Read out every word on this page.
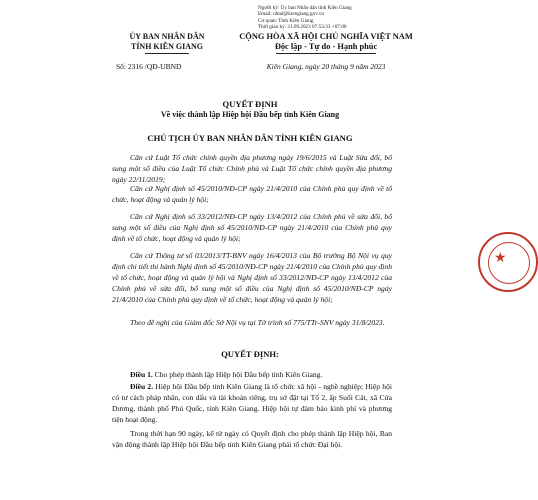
Người ký: Ủy ban Nhân dân tỉnh Kiên Giang
Email: ubnd@kiengiang.gov.vn
Cơ quan: Tỉnh Kiên Giang
Thời gian ký: 21.09.2023 07:53:33 +07:00
ỦY BAN NHÂN DÂN
TỈNH KIÊN GIANG
Số: 2316 /QĐ-UBND
CỘNG HÒA XÃ HỘI CHỦ NGHĨA VIỆT NAM
Độc lập - Tự do - Hạnh phúc
Kiên Giang, ngày 20 tháng 9 năm 2023
QUYẾT ĐỊNH
Về việc thành lập Hiệp hội Đầu bếp tỉnh Kiên Giang
CHỦ TỊCH ỦY BAN NHÂN DÂN TỈNH KIÊN GIANG
Căn cứ Luật Tổ chức chính quyền địa phương ngày 19/6/2015 và Luật Sửa đổi, bổ sung một số điều của Luật Tổ chức Chính phủ và Luật Tổ chức chính quyền địa phương ngày 22/11/2019;
Căn cứ Nghị định số 45/2010/NĐ-CP ngày 21/4/2010 của Chính phủ quy định về tổ chức, hoạt động và quản lý hội;
Căn cứ Nghị định số 33/2012/NĐ-CP ngày 13/4/2012 của Chính phủ về sửa đổi, bổ sung một số điều của Nghị định số 45/2010/NĐ-CP ngày 21/4/2010 của Chính phủ quy định về tổ chức, hoạt động và quản lý hội;
Căn cứ Thông tư số 03/2013/TT-BNV ngày 16/4/2013 của Bộ trưởng Bộ Nội vụ quy định chi tiết thi hành Nghị định số 45/2010/NĐ-CP ngày 21/4/2010 của Chính phủ quy định về tổ chức, hoạt động và quản lý hội và Nghị định số 33/2012/NĐ-CP ngày 13/4/2012 của Chính phủ về sửa đổi, bổ sung một số điều của Nghị định số 45/2010/NĐ-CP ngày 21/4/2010 của Chính phủ quy định về tổ chức, hoạt động và quản lý hội;
Theo đề nghị của Giám đốc Sở Nội vụ tại Tờ trình số 775/TTr-SNV ngày 31/8/2023.
QUYẾT ĐỊNH:
Điều 1. Cho phép thành lập Hiệp hội Đầu bếp tỉnh Kiên Giang.
Điều 2. Hiệp hội Đầu bếp tỉnh Kiên Giang là tổ chức xã hội - nghề nghiệp; Hiệp hội có tư cách pháp nhân, con dấu và tài khoản riêng, trụ sở đặt tại Tổ 2, ấp Suối Cát, xã Cửa Dương, thành phố Phú Quốc, tỉnh Kiên Giang. Hiệp hội tự đảm bảo kinh phí và phương tiện hoạt động.
Trong thời hạn 90 ngày, kể từ ngày có Quyết định cho phép thành lập Hiệp hội, Ban vận động thành lập Hiệp hội Đầu bếp tỉnh Kiên Giang phải tổ chức Đại hội.
★
